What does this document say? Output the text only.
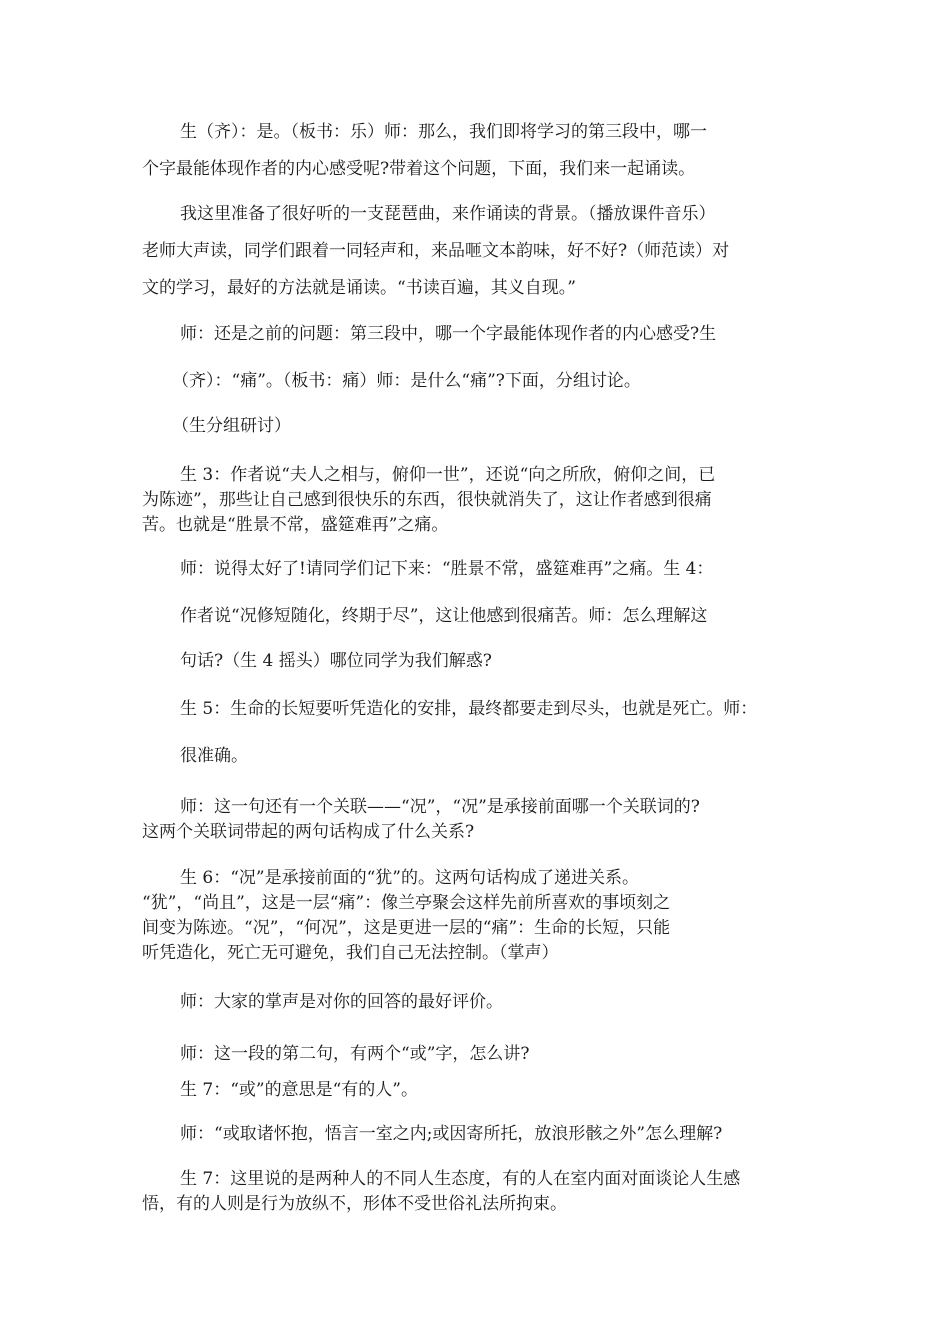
生（齐）：是。（板书：乐）师：那么，我们即将学习的第三段中，哪一

个字最能体现作者的内心感受呢?带着这个问题，下面，我们来一起诵读。

我这里准备了很好听的一支琵琶曲，来作诵读的背景。（播放课件音乐）

老师大声读，同学们跟着一同轻声和，来品咂文本韵味，好不好?（师范读）对

文的学习，最好的方法就是诵读。“书读百遍，其义自现。”

师：还是之前的问题：第三段中，哪一个字最能体现作者的内心感受?生

（齐）：“痛”。（板书：痛）师：是什么“痛”?下面，分组讨论。

（生分组研讨）

生 3：作者说“夫人之相与，俯仰一世”，还说“向之所欣，俯仰之间，已

为陈迹”，那些让自己感到很快乐的东西，很快就消失了，这让作者感到很痛

苦。也就是“胜景不常，盛筵难再”之痛。

师：说得太好了!请同学们记下来：“胜景不常，盛筵难再”之痛。生 4：

作者说“况修短随化，终期于尽”，这让他感到很痛苦。师：怎么理解这

句话?（生 4 摇头）哪位同学为我们解惑?

生 5：生命的长短要听凭造化的安排，最终都要走到尽头，也就是死亡。师：

很准确。

师：这一句还有一个关联——“况”，“况”是承接前面哪一个关联词的?

这两个关联词带起的两句话构成了什么关系?

生 6：“况”是承接前面的“犹”的。这两句话构成了递进关系。

“犹”，“尚且”，这是一层“痛”：像兰亭聚会这样先前所喜欢的事顷刻之

间变为陈迹。“况”，“何况”，这是更进一层的“痛”：生命的长短，只能

听凭造化，死亡无可避免，我们自己无法控制。（掌声）

师：大家的掌声是对你的回答的最好评价。

师：这一段的第二句，有两个“或”字，怎么讲?

生 7：“或”的意思是“有的人”。

师：“或取诸怀抱，悟言一室之内;或因寄所托，放浪形骸之外”怎么理解?

生 7：这里说的是两种人的不同人生态度，有的人在室内面对面谈论人生感

悟，有的人则是行为放纵不，形体不受世俗礼法所拘束。
